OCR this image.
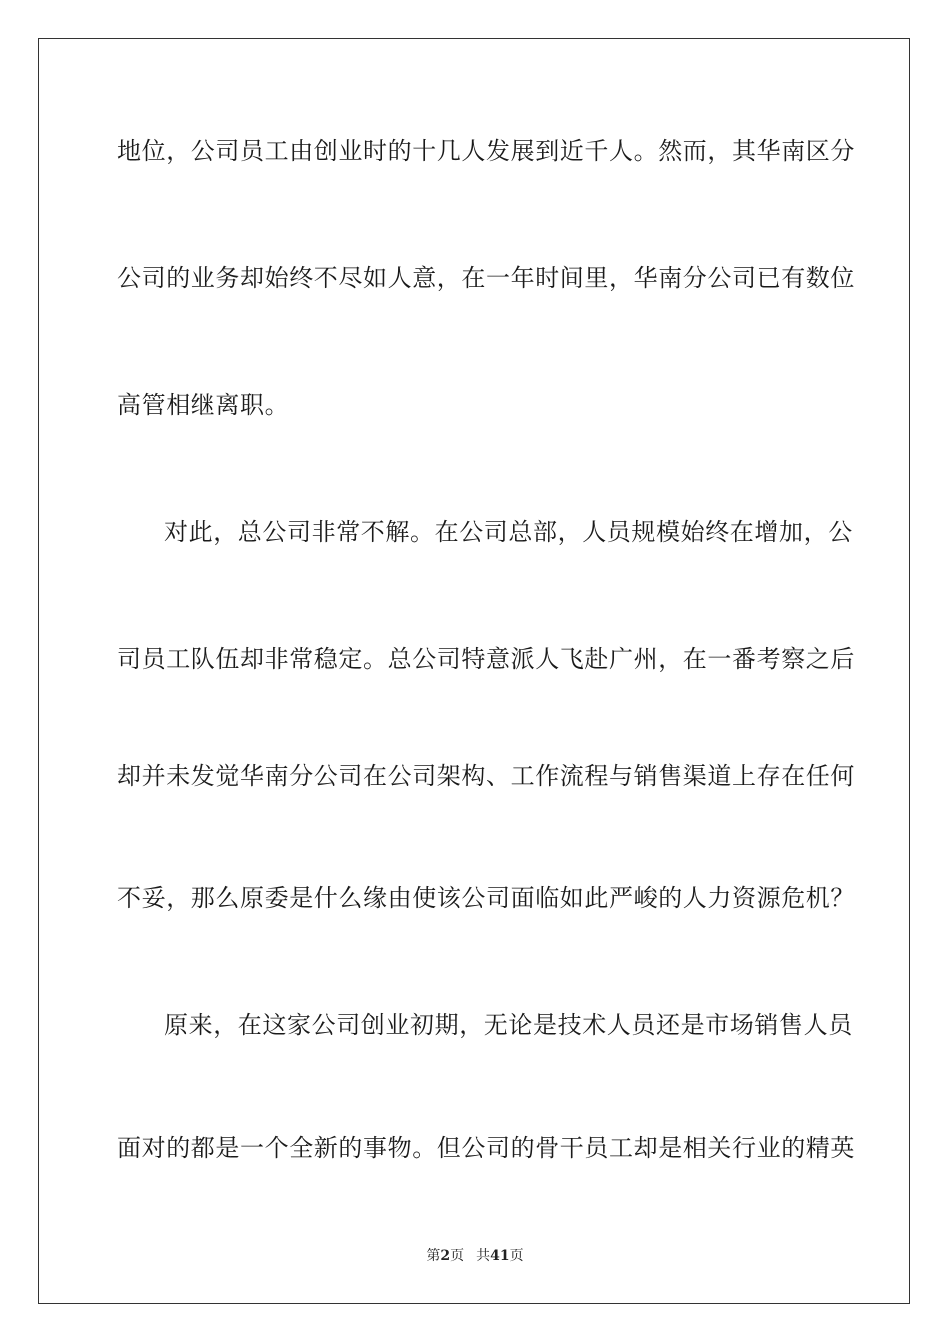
地位，公司员工由创业时的十几人发展到近千人。然而，其华南区分
公司的业务却始终不尽如人意，在一年时间里，华南分公司已有数位
高管相继离职。
对此，总公司非常不解。在公司总部，人员规模始终在增加，公
司员工队伍却非常稳定。总公司特意派人飞赴广州，在一番考察之后
却并未发觉华南分公司在公司架构、工作流程与销售渠道上存在任何
不妥，那么原委是什么缘由使该公司面临如此严峻的人力资源危机？
原来，在这家公司创业初期，无论是技术人员还是市场销售人员
面对的都是一个全新的事物。但公司的骨干员工却是相关行业的精英
第2页 共41页
